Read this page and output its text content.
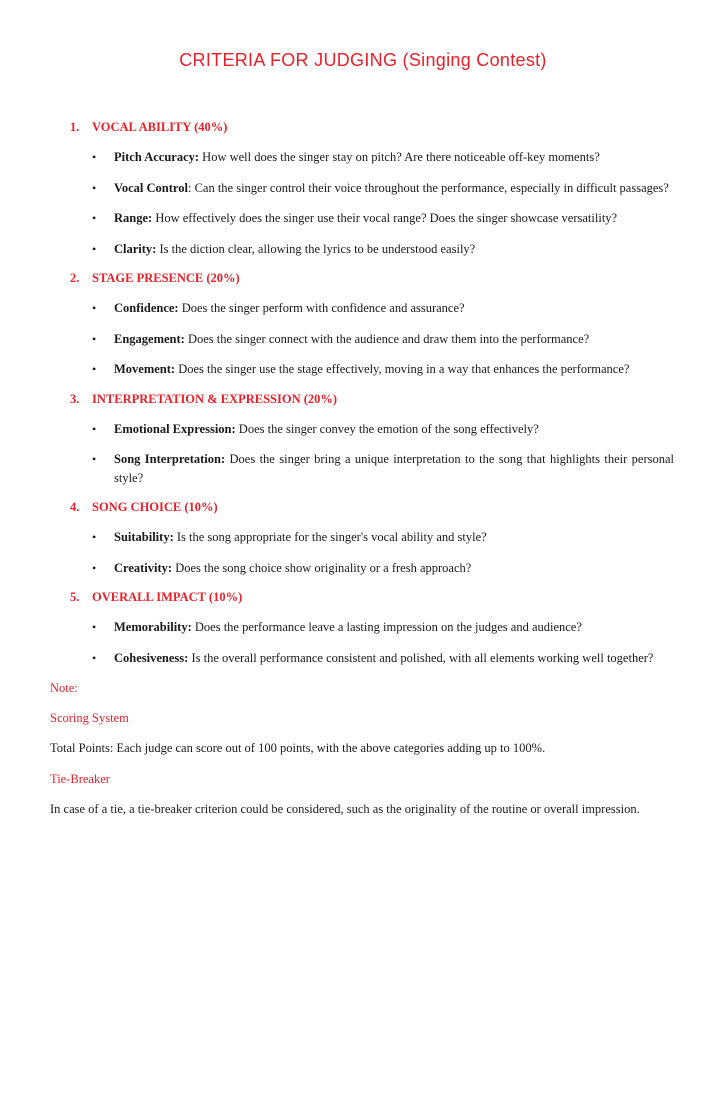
CRITERIA FOR JUDGING (Singing Contest)
1.	VOCAL ABILITY (40%)
• Pitch Accuracy: How well does the singer stay on pitch? Are there noticeable off-key moments?
• Vocal Control: Can the singer control their voice throughout the performance, especially in difficult passages?
• Range: How effectively does the singer use their vocal range? Does the singer showcase versatility?
• Clarity: Is the diction clear, allowing the lyrics to be understood easily?
2.	STAGE PRESENCE (20%)
• Confidence: Does the singer perform with confidence and assurance?
• Engagement: Does the singer connect with the audience and draw them into the performance?
• Movement: Does the singer use the stage effectively, moving in a way that enhances the performance?
3.	INTERPRETATION & EXPRESSION (20%)
• Emotional Expression: Does the singer convey the emotion of the song effectively?
• Song Interpretation: Does the singer bring a unique interpretation to the song that highlights their personal style?
4.	SONG CHOICE (10%)
• Suitability: Is the song appropriate for the singer's vocal ability and style?
• Creativity: Does the song choice show originality or a fresh approach?
5.	OVERALL IMPACT (10%)
• Memorability: Does the performance leave a lasting impression on the judges and audience?
• Cohesiveness: Is the overall performance consistent and polished, with all elements working well together?

Note:

Scoring System

Total Points: Each judge can score out of 100 points, with the above categories adding up to 100%.

Tie-Breaker

In case of a tie, a tie-breaker criterion could be considered, such as the originality of the routine or overall impression.
